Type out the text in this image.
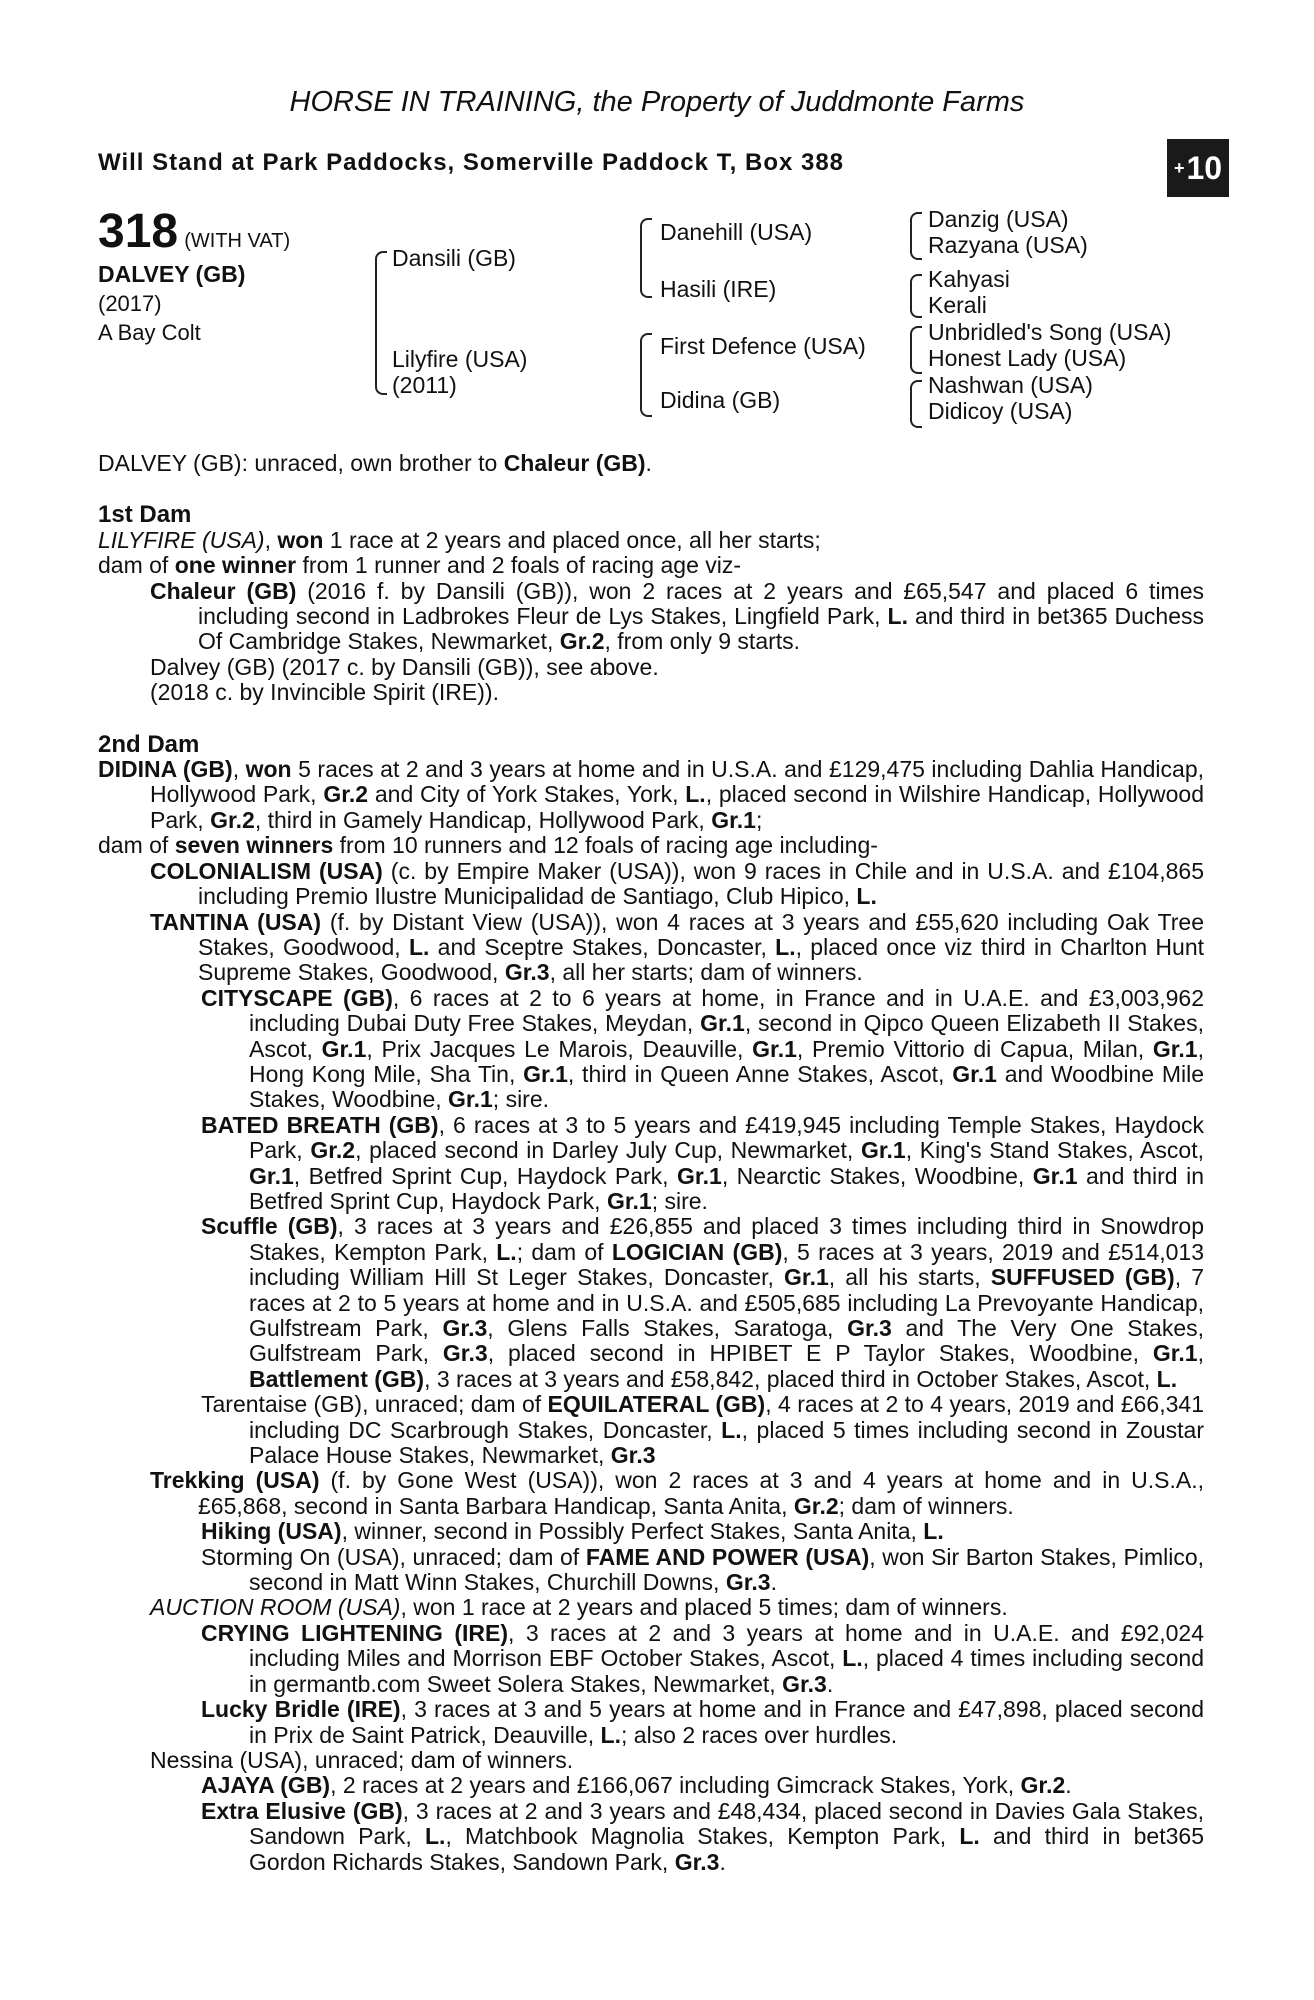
HORSE IN TRAINING, the Property of Juddmonte Farms
Will Stand at Park Paddocks, Somerville Paddock T, Box 388	+ 10
318 (WITH VAT)
DALVEY (GB)
(2017)
A Bay Colt
Dansili (GB)
Lilyfire (USA)
(2011)
Danehill (USA)
Hasili (IRE)
First Defence (USA)
Didina (GB)
Danzig (USA)
Razyana (USA)
Kahyasi
Kerali
Unbridled's Song (USA)
Honest Lady (USA)
Nashwan (USA)
Didicoy (USA)

DALVEY (GB): unraced, own brother to Chaleur (GB).

1st Dam

LILYFIRE (USA), won 1 race at 2 years and placed once, all her starts;

dam of one winner from 1 runner and 2 foals of racing age viz-

Chaleur (GB) (2016 f. by Dansili (GB)), won 2 races at 2 years and £65,547 and placed 6 times including second in Ladbrokes Fleur de Lys Stakes, Lingfield Park, L. and third in bet365 Duchess Of Cambridge Stakes, Newmarket, Gr.2, from only 9 starts.

Dalvey (GB) (2017 c. by Dansili (GB)), see above.

(2018 c. by Invincible Spirit (IRE)).

2nd Dam

DIDINA (GB), won 5 races at 2 and 3 years at home and in U.S.A. and £129,475 including Dahlia Handicap, Hollywood Park, Gr.2 and City of York Stakes, York, L., placed second in Wilshire Handicap, Hollywood Park, Gr.2, third in Gamely Handicap, Hollywood Park, Gr.1;

dam of seven winners from 10 runners and 12 foals of racing age including-

COLONIALISM (USA) (c. by Empire Maker (USA)), won 9 races in Chile and in U.S.A. and £104,865 including Premio Ilustre Municipalidad de Santiago, Club Hipico, L.

TANTINA (USA) (f. by Distant View (USA)), won 4 races at 3 years and £55,620 including Oak Tree Stakes, Goodwood, L. and Sceptre Stakes, Doncaster, L., placed once viz third in Charlton Hunt Supreme Stakes, Goodwood, Gr.3, all her starts; dam of winners.

CITYSCAPE (GB), 6 races at 2 to 6 years at home, in France and in U.A.E. and £3,003,962 including Dubai Duty Free Stakes, Meydan, Gr.1, second in Qipco Queen Elizabeth II Stakes, Ascot, Gr.1, Prix Jacques Le Marois, Deauville, Gr.1, Premio Vittorio di Capua, Milan, Gr.1, Hong Kong Mile, Sha Tin, Gr.1, third in Queen Anne Stakes, Ascot, Gr.1 and Woodbine Mile Stakes, Woodbine, Gr.1; sire.

BATED BREATH (GB), 6 races at 3 to 5 years and £419,945 including Temple Stakes, Haydock Park, Gr.2, placed second in Darley July Cup, Newmarket, Gr.1, King's Stand Stakes, Ascot, Gr.1, Betfred Sprint Cup, Haydock Park, Gr.1, Nearctic Stakes, Woodbine, Gr.1 and third in Betfred Sprint Cup, Haydock Park, Gr.1; sire.

Scuffle (GB), 3 races at 3 years and £26,855 and placed 3 times including third in Snowdrop Stakes, Kempton Park, L.; dam of LOGICIAN (GB), 5 races at 3 years, 2019 and £514,013 including William Hill St Leger Stakes, Doncaster, Gr.1, all his starts, SUFFUSED (GB), 7 races at 2 to 5 years at home and in U.S.A. and £505,685 including La Prevoyante Handicap, Gulfstream Park, Gr.3, Glens Falls Stakes, Saratoga, Gr.3 and The Very One Stakes, Gulfstream Park, Gr.3, placed second in HPIBET E P Taylor Stakes, Woodbine, Gr.1, Battlement (GB), 3 races at 3 years and £58,842, placed third in October Stakes, Ascot, L.

Tarentaise (GB), unraced; dam of EQUILATERAL (GB), 4 races at 2 to 4 years, 2019 and £66,341 including DC Scarbrough Stakes, Doncaster, L., placed 5 times including second in Zoustar Palace House Stakes, Newmarket, Gr.3

Trekking (USA) (f. by Gone West (USA)), won 2 races at 3 and 4 years at home and in U.S.A., £65,868, second in Santa Barbara Handicap, Santa Anita, Gr.2; dam of winners.

Hiking (USA), winner, second in Possibly Perfect Stakes, Santa Anita, L.

Storming On (USA), unraced; dam of FAME AND POWER (USA), won Sir Barton Stakes, Pimlico, second in Matt Winn Stakes, Churchill Downs, Gr.3.

AUCTION ROOM (USA), won 1 race at 2 years and placed 5 times; dam of winners.

CRYING LIGHTENING (IRE), 3 races at 2 and 3 years at home and in U.A.E. and £92,024 including Miles and Morrison EBF October Stakes, Ascot, L., placed 4 times including second in germantb.com Sweet Solera Stakes, Newmarket, Gr.3.

Lucky Bridle (IRE), 3 races at 3 and 5 years at home and in France and £47,898, placed second in Prix de Saint Patrick, Deauville, L.; also 2 races over hurdles.

Nessina (USA), unraced; dam of winners.

AJAYA (GB), 2 races at 2 years and £166,067 including Gimcrack Stakes, York, Gr.2.

Extra Elusive (GB), 3 races at 2 and 3 years and £48,434, placed second in Davies Gala Stakes, Sandown Park, L., Matchbook Magnolia Stakes, Kempton Park, L. and third in bet365 Gordon Richards Stakes, Sandown Park, Gr.3.
